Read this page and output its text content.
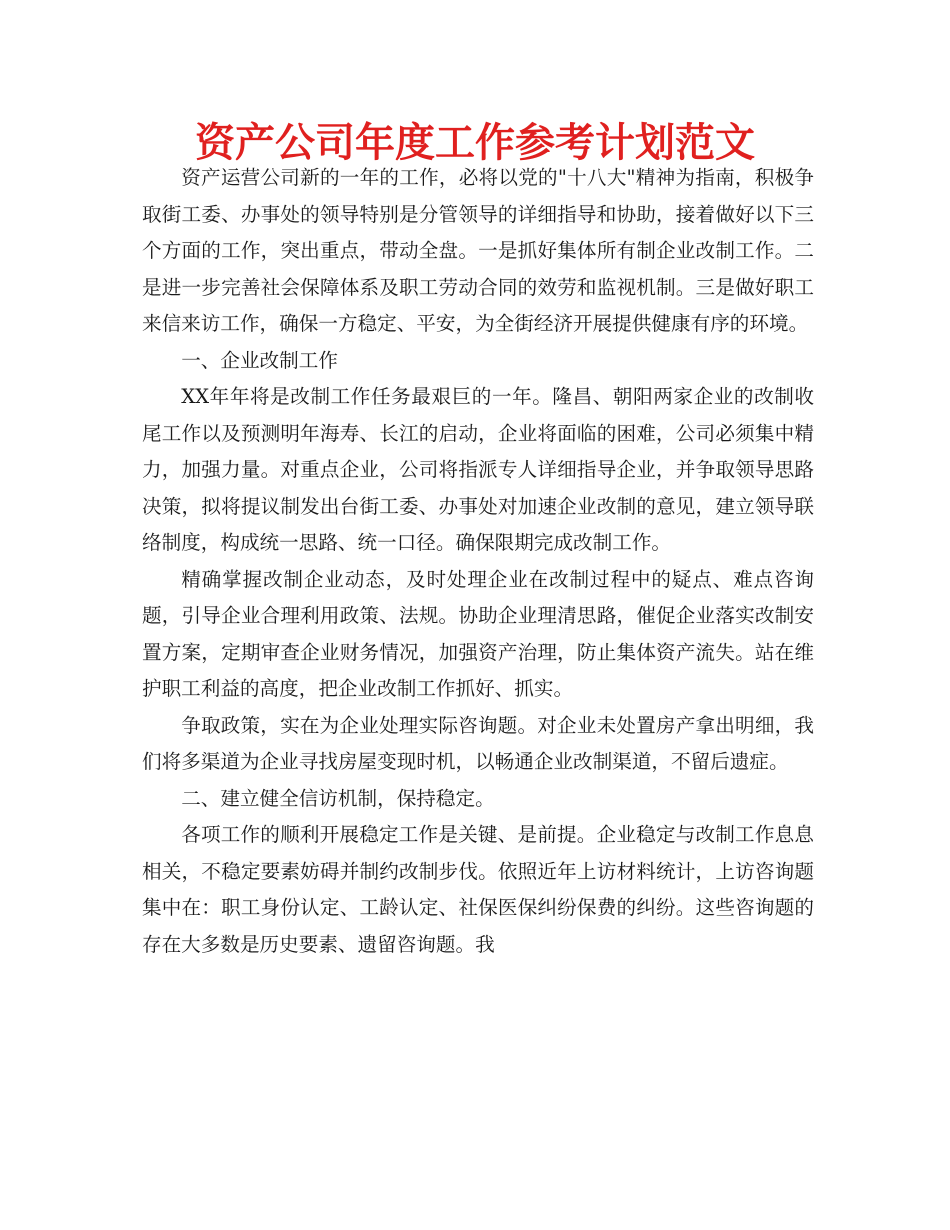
资产公司年度工作参考计划范文

资产运营公司新的一年的工作，必将以党的"十八大"精神为指南，积极争取街工委、办事处的领导特别是分管领导的详细指导和协助，接着做好以下三个方面的工作，突出重点，带动全盘。一是抓好集体所有制企业改制工作。二是进一步完善社会保障体系及职工劳动合同的效劳和监视机制。三是做好职工来信来访工作，确保一方稳定、平安，为全街经济开展提供健康有序的环境。

一、企业改制工作

XX年年将是改制工作任务最艰巨的一年。隆昌、朝阳两家企业的改制收尾工作以及预测明年海寿、长江的启动，企业将面临的困难，公司必须集中精力，加强力量。对重点企业，公司将指派专人详细指导企业，并争取领导思路决策，拟将提议制发出台街工委、办事处对加速企业改制的意见，建立领导联络制度，构成统一思路、统一口径。确保限期完成改制工作。

精确掌握改制企业动态，及时处理企业在改制过程中的疑点、难点咨询题，引导企业合理利用政策、法规。协助企业理清思路，催促企业落实改制安置方案，定期审查企业财务情况，加强资产治理，防止集体资产流失。站在维护职工利益的高度，把企业改制工作抓好、抓实。

争取政策，实在为企业处理实际咨询题。对企业未处置房产拿出明细，我们将多渠道为企业寻找房屋变现时机，以畅通企业改制渠道，不留后遗症。

二、建立健全信访机制，保持稳定。

各项工作的顺利开展稳定工作是关键、是前提。企业稳定与改制工作息息相关，不稳定要素妨碍并制约改制步伐。依照近年上访材料统计，上访咨询题集中在：职工身份认定、工龄认定、社保医保纠纷保费的纠纷。这些咨询题的存在大多数是历史要素、遗留咨询题。我
